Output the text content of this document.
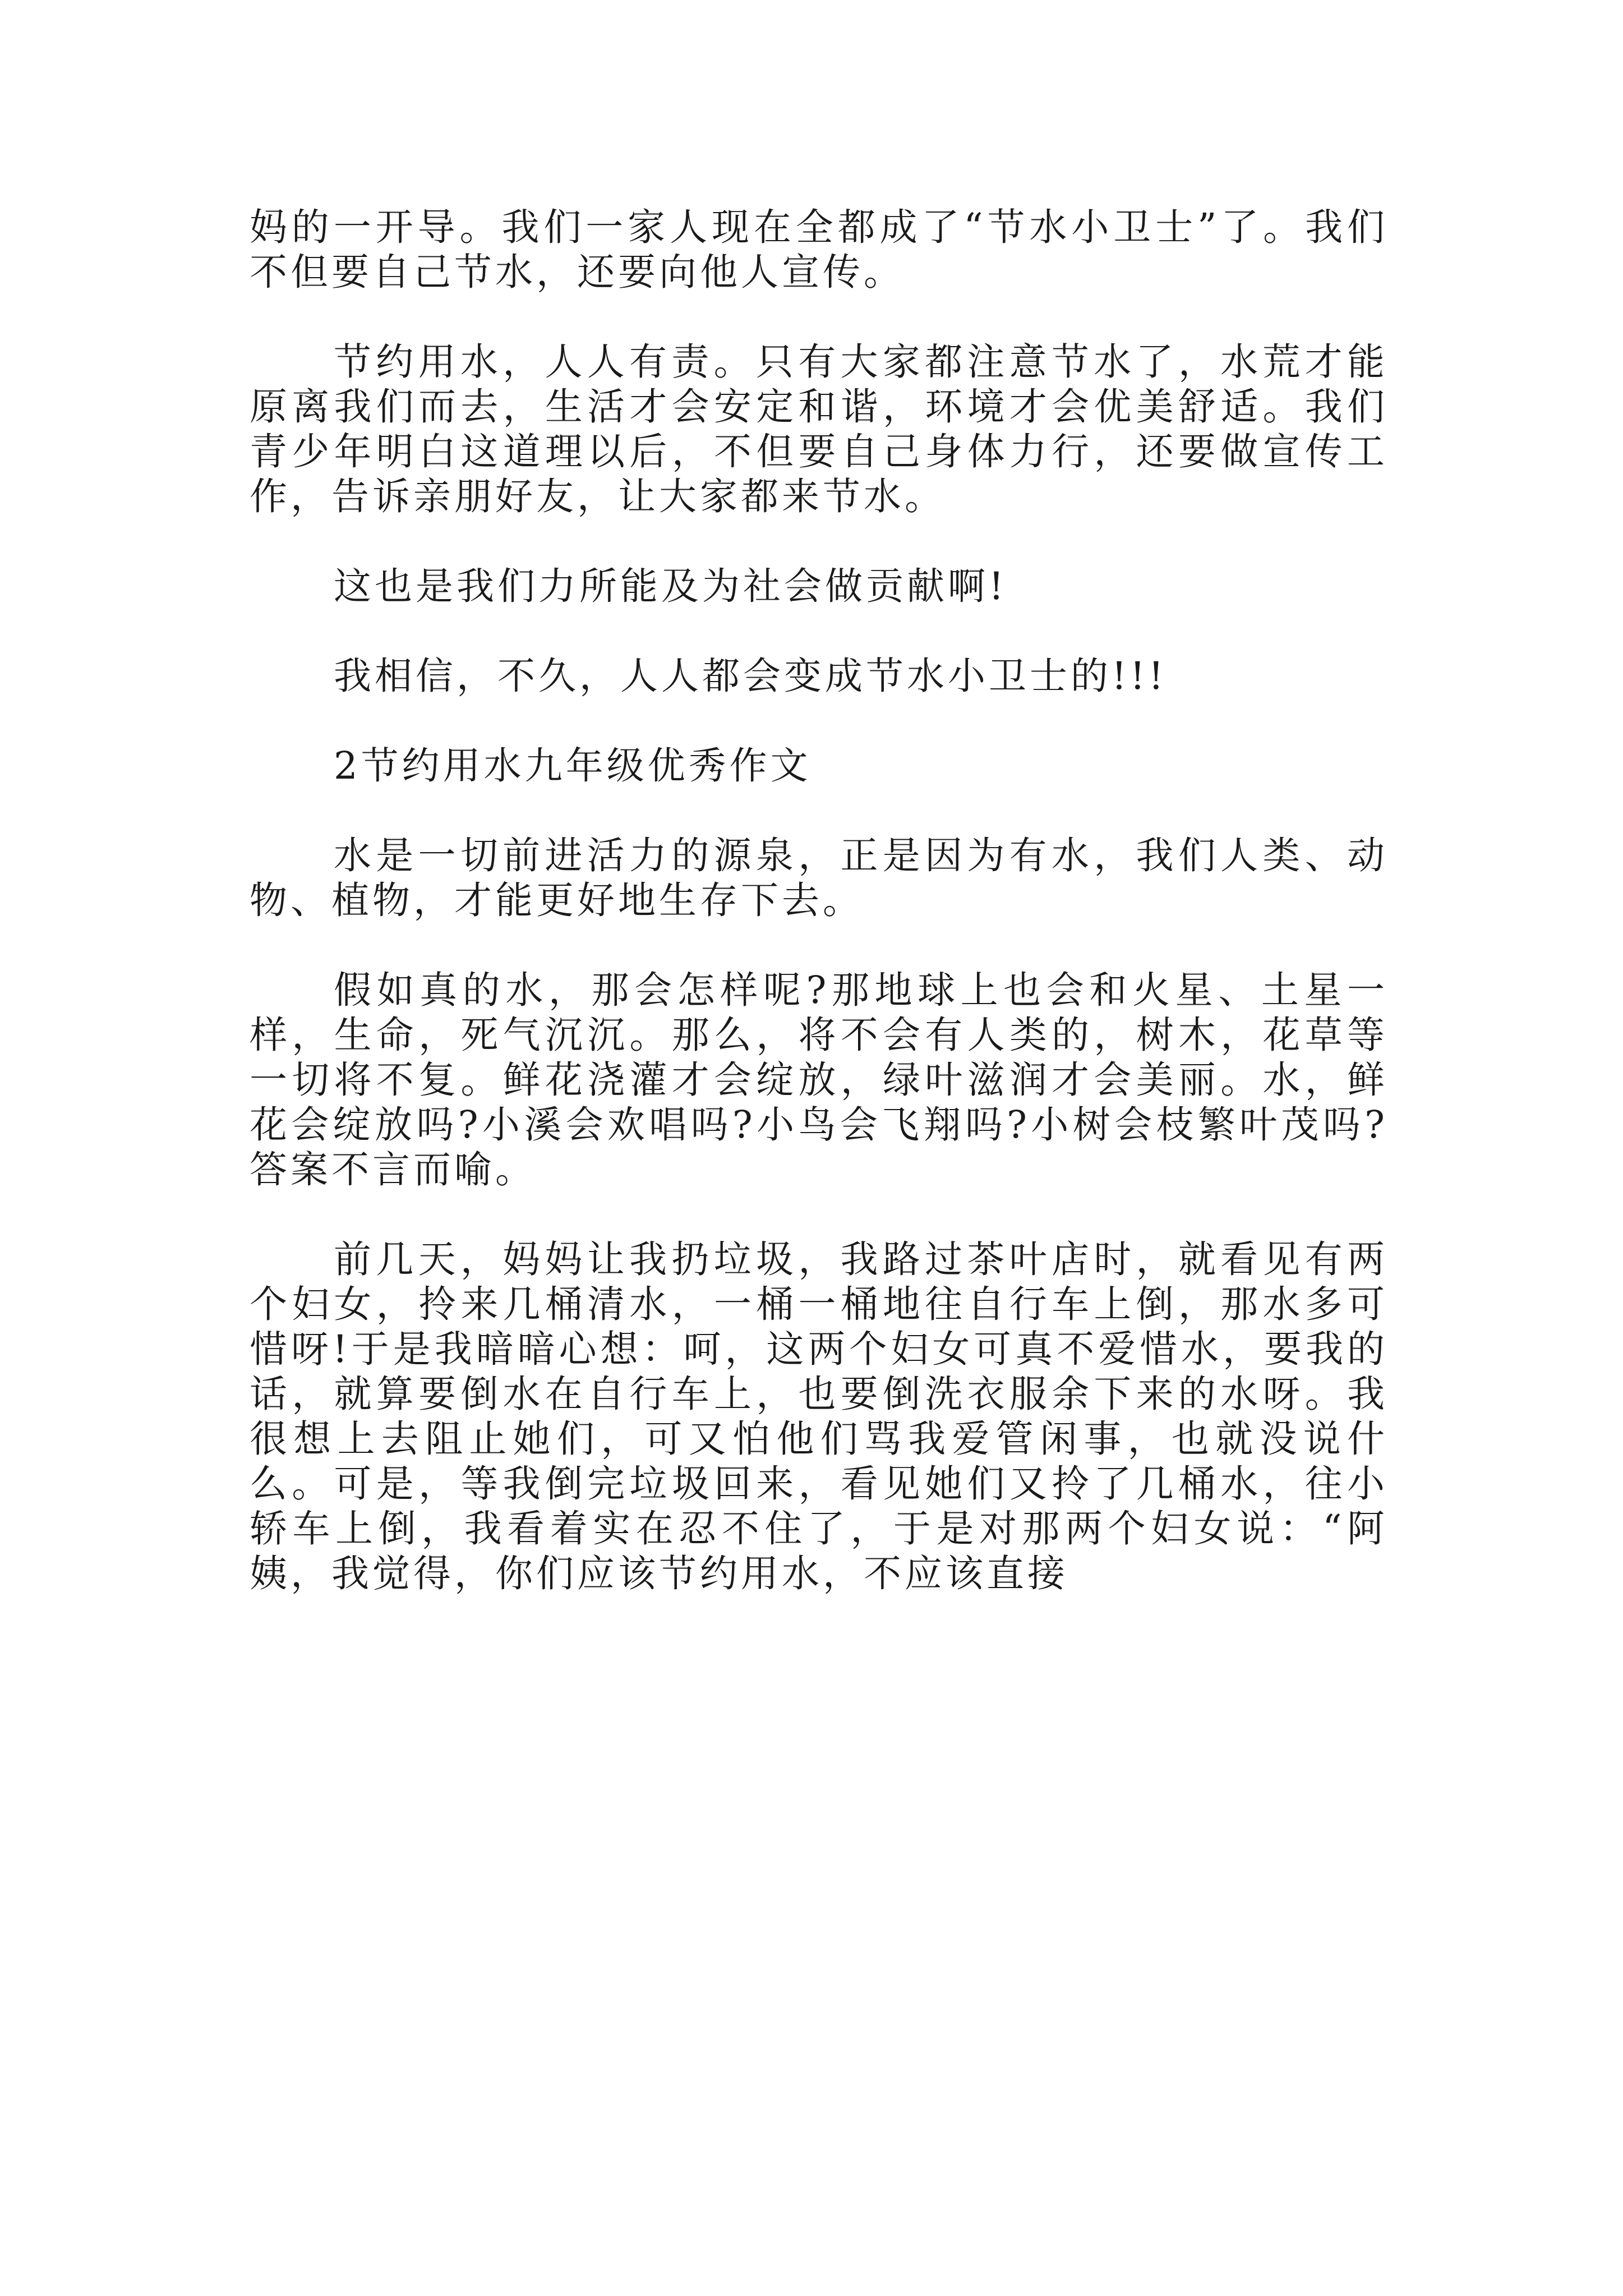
妈的一开导。我们一家人现在全都成了“节水小卫士”了。我们不但要自己节水，还要向他人宣传。

节约用水，人人有责。只有大家都注意节水了，水荒才能原离我们而去，生活才会安定和谐，环境才会优美舒适。我们青少年明白这道理以后，不但要自己身体力行，还要做宣传工作，告诉亲朋好友，让大家都来节水。

这也是我们力所能及为社会做贡献啊!

我相信，不久，人人都会变成节水小卫士的!!!

2节约用水九年级优秀作文

水是一切前进活力的源泉，正是因为有水，我们人类、动物、植物，才能更好地生存下去。

假如真的水，那会怎样呢?那地球上也会和火星、土星一样，生命，死气沉沉。那么，将不会有人类的，树木，花草等一切将不复。鲜花浇灌才会绽放，绿叶滋润才会美丽。水，鲜花会绽放吗?小溪会欢唱吗?小鸟会飞翔吗?小树会枝繁叶茂吗?答案不言而喻。

前几天，妈妈让我扔垃圾，我路过茶叶店时，就看见有两个妇女，拎来几桶清水，一桶一桶地往自行车上倒，那水多可惜呀!于是我暗暗心想：呵，这两个妇女可真不爱惜水，要我的话，就算要倒水在自行车上，也要倒洗衣服余下来的水呀。我很想上去阻止她们，可又怕他们骂我爱管闲事，也就没说什么。可是，等我倒完垃圾回来，看见她们又拎了几桶水，往小轿车上倒，我看着实在忍不住了，于是对那两个妇女说：“阿姨，我觉得，你们应该节约用水，不应该直接
